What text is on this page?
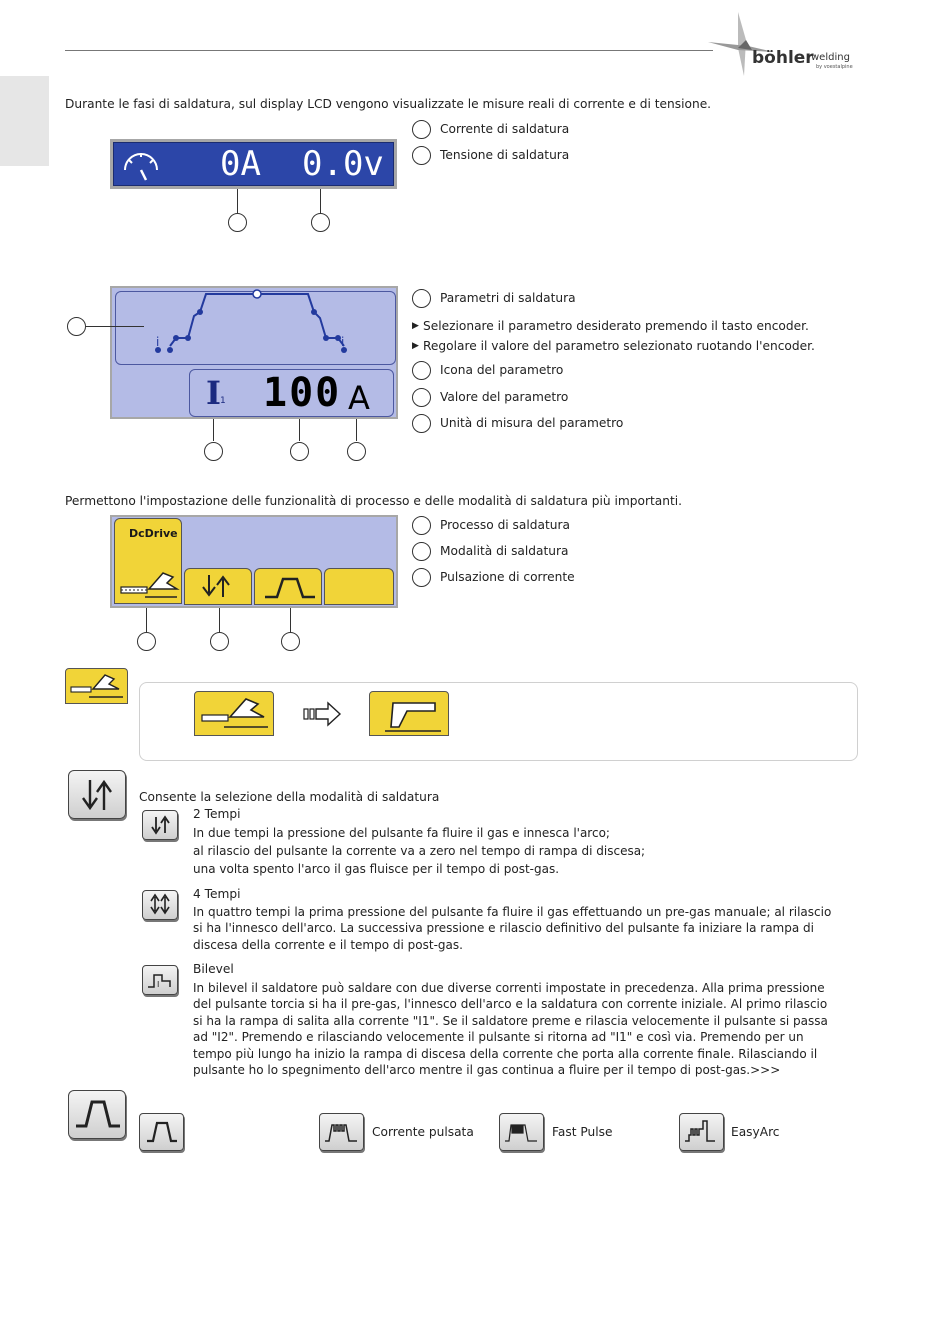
böhler
welding
by voestalpine
Durante le fasi di saldatura, sul display LCD vengono visualizzate le misure reali di corrente e di tensione.
0A 0.0v
Corrente di saldatura
Tensione di saldatura
i	i
I 1 100 A
Parametri di saldatura
▶ Selezionare il parametro desiderato premendo il tasto encoder.
▶ Regolare il valore del parametro selezionato ruotando l'encoder.
Icona del parametro
Valore del parametro
Unità di misura del parametro
Permettono l'impostazione delle funzionalità di processo e delle modalità di saldatura più importanti.
DcDrive
Processo di saldatura
Modalità di saldatura
Pulsazione di corrente
Consente la selezione della modalità di saldatura
2 Tempi
In due tempi la pressione del pulsante fa fluire il gas e innesca l'arco;
al rilascio del pulsante la corrente va a zero nel tempo di rampa di discesa;
una volta spento l'arco il gas fluisce per il tempo di post-gas.
4 Tempi
In quattro tempi la prima pressione del pulsante fa fluire il gas effettuando un pre-gas manuale; al rilascio
si ha l'innesco dell'arco. La successiva pressione e rilascio definitivo del pulsante fa iniziare la rampa di
discesa della corrente e il tempo di post-gas.
I
Bilevel
In bilevel il saldatore può saldare con due diverse correnti impostate in precedenza. Alla prima pressione
del pulsante torcia si ha il pre-gas, l'innesco dell'arco e la saldatura con corrente iniziale. Al primo rilascio
si ha la rampa di salita alla corrente "I1". Se il saldatore preme e rilascia velocemente il pulsante si passa
ad "I2". Premendo e rilasciando velocemente il pulsante si ritorna ad "I1" e così via. Premendo per un
tempo più lungo ha inizio la rampa di discesa della corrente che porta alla corrente finale. Rilasciando il
pulsante ho lo spegnimento dell'arco mentre il gas continua a fluire per il tempo di post-gas.>>>
Corrente pulsata	Fast Pulse	EasyArc
